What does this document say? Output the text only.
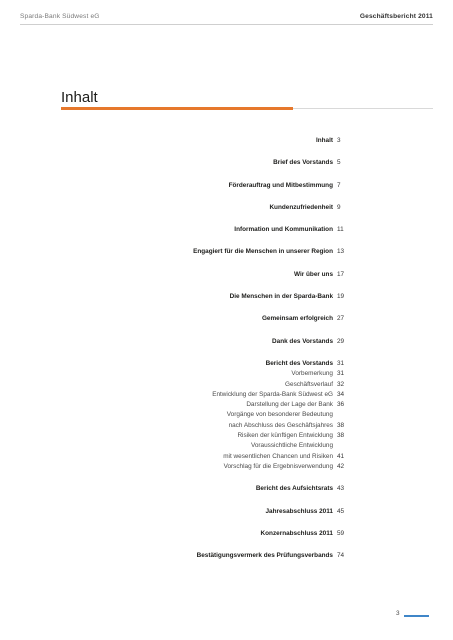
Sparda-Bank Südwest eG	Geschäftsbericht 2011
Inhalt
Inhalt 3
Brief des Vorstands 5
Förderauftrag und Mitbestimmung 7
Kundenzufriedenheit 9
Information und Kommunikation 11
Engagiert für die Menschen in unserer Region 13
Wir über uns 17
Die Menschen in der Sparda-Bank 19
Gemeinsam erfolgreich 27
Dank des Vorstands 29
Bericht des Vorstands 31
Vorbemerkung 31
Geschäftsverlauf 32
Entwicklung der Sparda-Bank Südwest eG 34
Darstellung der Lage der Bank 36
Vorgänge von besonderer Bedeutung
nach Abschluss des Geschäftsjahres 38
Risiken der künftigen Entwicklung 38
Voraussichtliche Entwicklung
mit wesentlichen Chancen und Risiken 41
Vorschlag für die Ergebnisverwendung 42
Bericht des Aufsichtsrats 43
Jahresabschluss 2011 45
Konzernabschluss 2011 59
Bestätigungsvermerk des Prüfungsverbands 74
3
